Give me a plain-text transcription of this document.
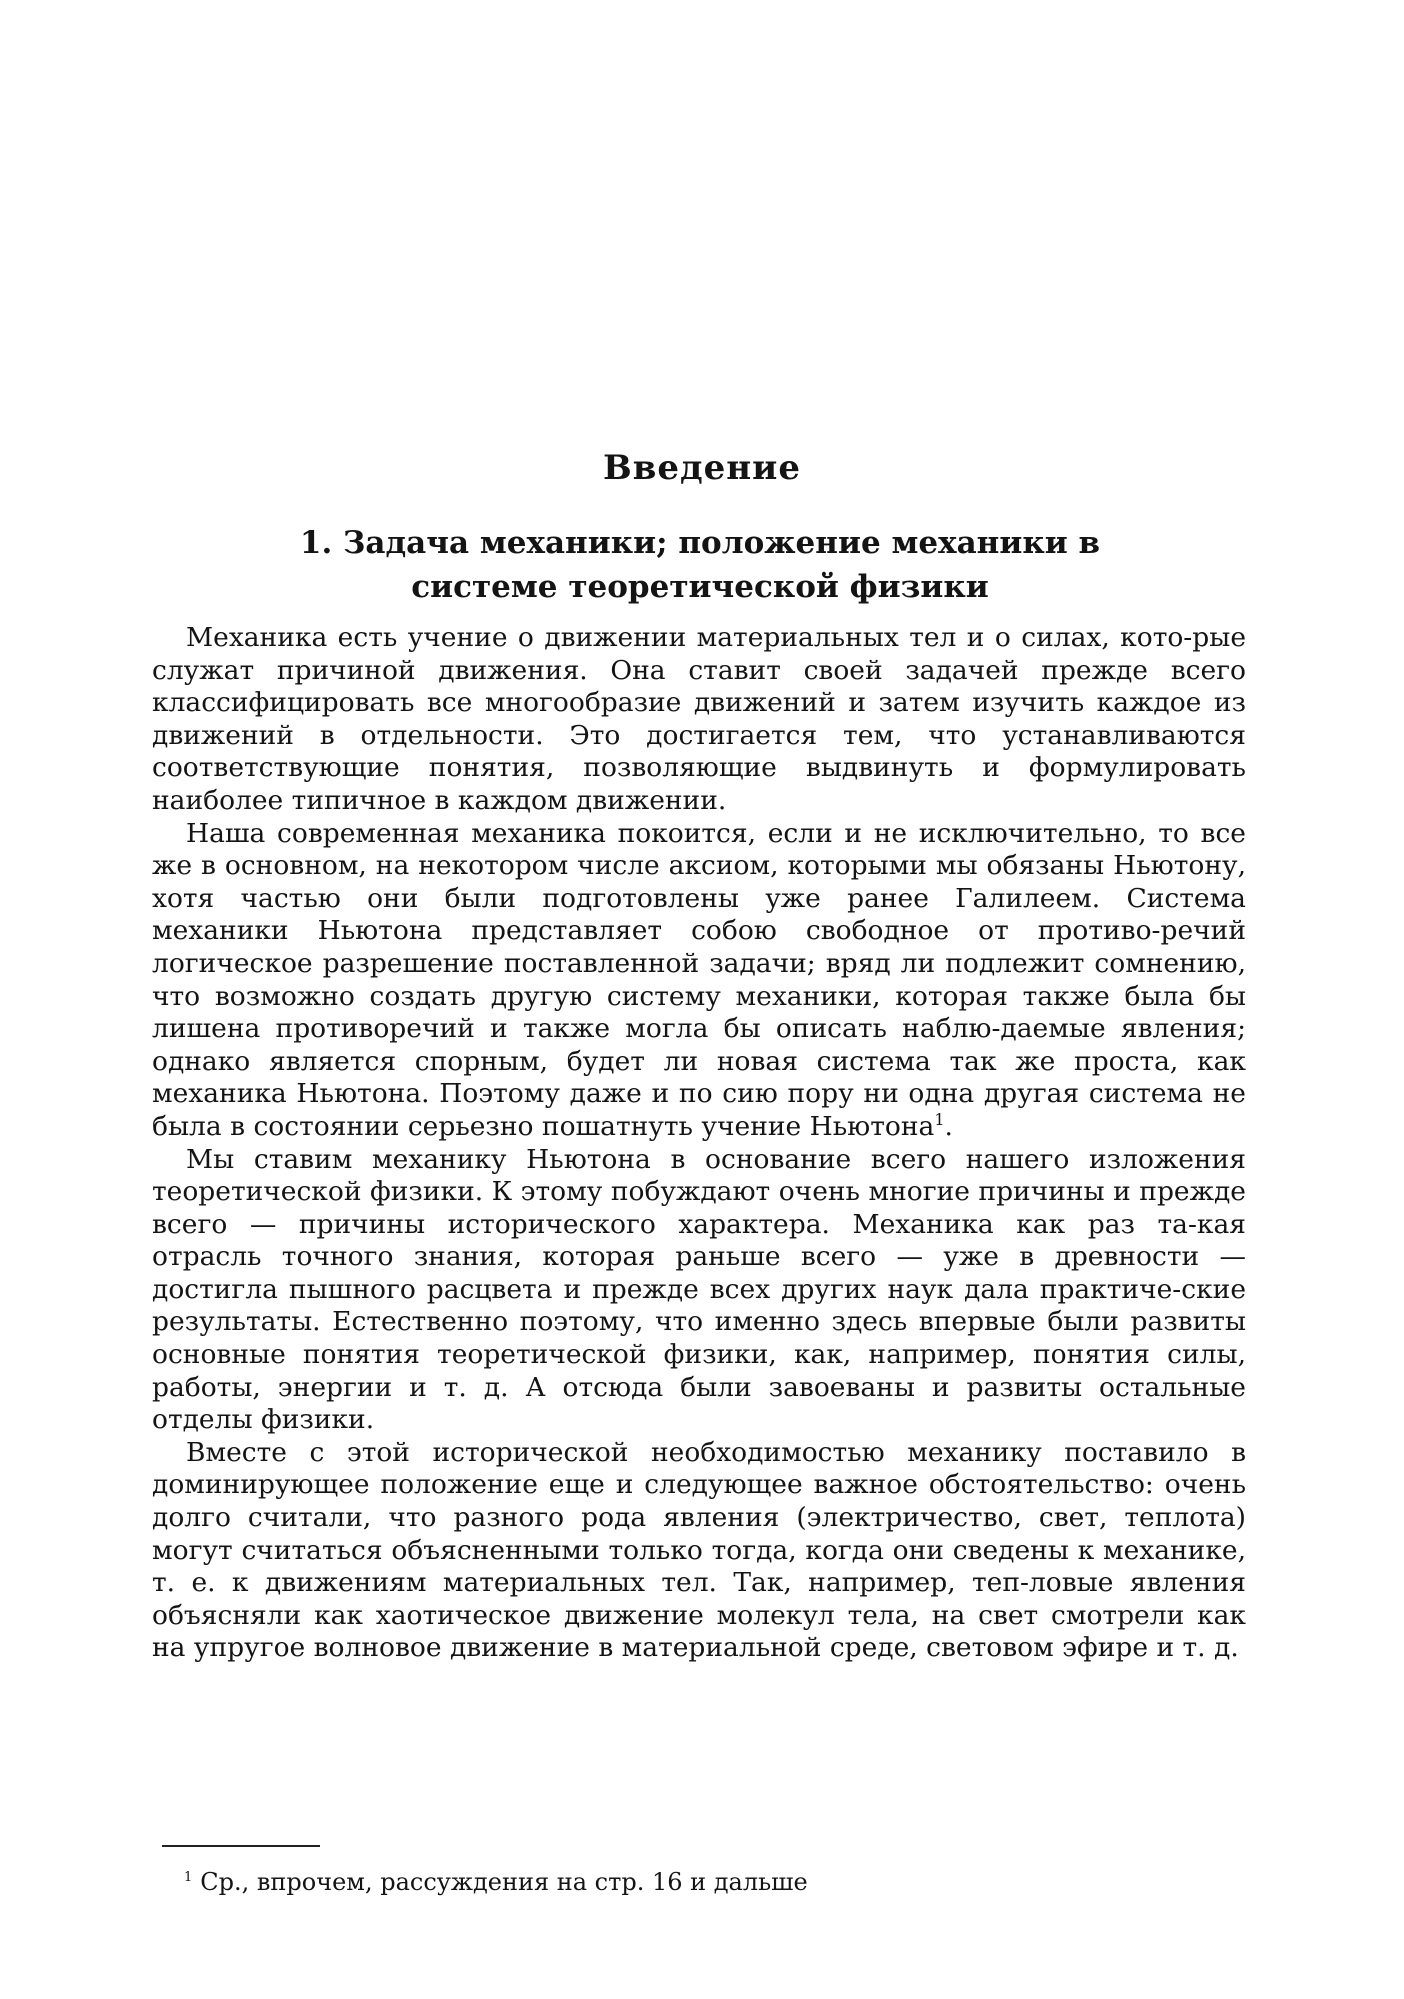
Введение
1. Задача механики; положение механики в системе теоретической физики

Механика есть учение о движении материальных тел и о силах, кото-рые служат причиной движения. Она ставит своей задачей прежде всего классифицировать все многообразие движений и затем изучить каждое из движений в отдельности. Это достигается тем, что устанавливаются соответствующие понятия, позволяющие выдвинуть и формулировать наиболее типичное в каждом движении.

Наша современная механика покоится, если и не исключительно, то все же в основном, на некотором числе аксиом, которыми мы обязаны Ньютону, хотя частью они были подготовлены уже ранее Галилеем. Система механики Ньютона представляет собою свободное от противо-речий логическое разрешение поставленной задачи; вряд ли подлежит сомнению, что возможно создать другую систему механики, которая также была бы лишена противоречий и также могла бы описать наблю-даемые явления; однако является спорным, будет ли новая система так же проста, как механика Ньютона. Поэтому даже и по сию пору ни одна другая система не была в состоянии серьезно пошатнуть учение Ньютона$^1$.

Мы ставим механику Ньютона в основание всего нашего изложения теоретической физики. К этому побуждают очень многие причины и прежде всего — причины исторического характера. Механика как раз та-кая отрасль точного знания, которая раньше всего — уже в древности — достигла пышного расцвета и прежде всех других наук дала практиче-ские результаты. Естественно поэтому, что именно здесь впервые были развиты основные понятия теоретической физики, как, например, понятия силы, работы, энергии и т. д. А отсюда были завоеваны и развиты остальные отделы физики.

Вместе с этой исторической необходимостью механику поставило в доминирующее положение еще и следующее важное обстоятельство: очень долго считали, что разного рода явления (электричество, свет, теплота) могут считаться объясненными только тогда, когда они сведены к механике, т. е. к движениям материальных тел. Так, например, теп-ловые явления объясняли как хаотическое движение молекул тела, на свет смотрели как на упругое волновое движение в материальной среде, световом эфире и т. д.

$^1$ Ср., впрочем, рассуждения на стр. 16 и дальше
